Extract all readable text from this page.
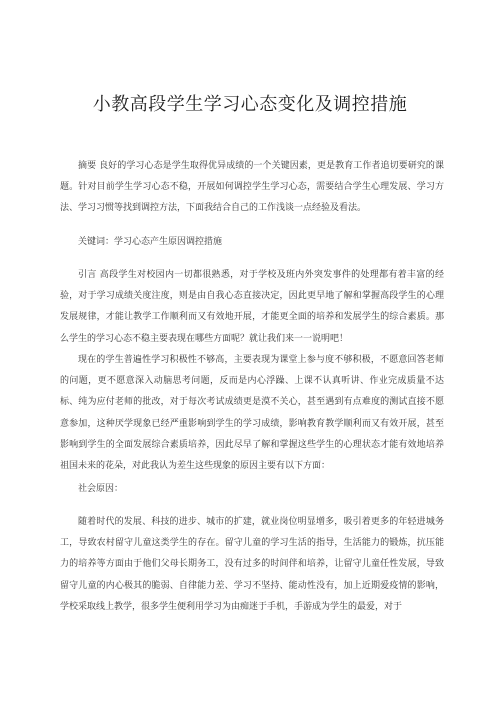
小教高段学生学习心态变化及调控措施

摘要 良好的学习心态是学生取得优异成绩的一个关键因素，更是教育工作者追切要研究的课题。针对目前学生学习心态不稳，开展如何调控学生学习心态，需要结合学生心理发展、学习方法、学习习惯等找到调控方法，下面我结合自己的工作浅谈一点经验及看法。

关键词：学习心态产生原因调控措施

引言 高段学生对校园内一切都很熟悉，对于学校及班内外突发事件的处理都有着丰富的经验，对于学习成绩关度注度，则是由自我心态直接决定，因此更早地了解和掌握高段学生的心理发展规律，才能让教学工作顺利而又有效地开展，才能更全面的培养和发展学生的综合素质。那么学生的学习心态不稳主要表现在哪些方面呢？就让我们来一一说明吧！

现在的学生普遍性学习积极性不够高，主要表现为课堂上参与度不够积极，不愿意回答老师的问题，更不愿意深入动脑思考问题，反而是内心浮躁、上课不认真听讲、作业完成质量不达标、纯为应付老师的批改，对于每次考试成绩更是漠不关心，甚至遇到有点难度的测试直接不愿意参加，这种厌学现象已经严重影响到学生的学习成绩，影响教育教学顺利而又有效开展，甚至影响到学生的全面发展综合素质培养，因此尽早了解和掌握这些学生的心理状态才能有效地培养祖国未来的花朵，对此我认为差生这些现象的原因主要有以下方面：

社会原因：

随着时代的发展、科技的进步、城市的扩建，就业岗位明显增多，吸引着更多的年轻进城务工，导致农村留守儿童这类学生的存在。留守儿童的学习生活的指导，生活能力的锻炼，抗压能力的培养等方面由于他们父母长期务工，没有过多的时间伴和培养，让留守儿童任性发展，导致留守儿童的内心极其的脆弱、自律能力差、学习不坚持、能动性没有，加上近期爱疫情的影响，学校采取线上教学，很多学生便利用学习为由痴迷于手机，手游成为学生的最爱，对于
